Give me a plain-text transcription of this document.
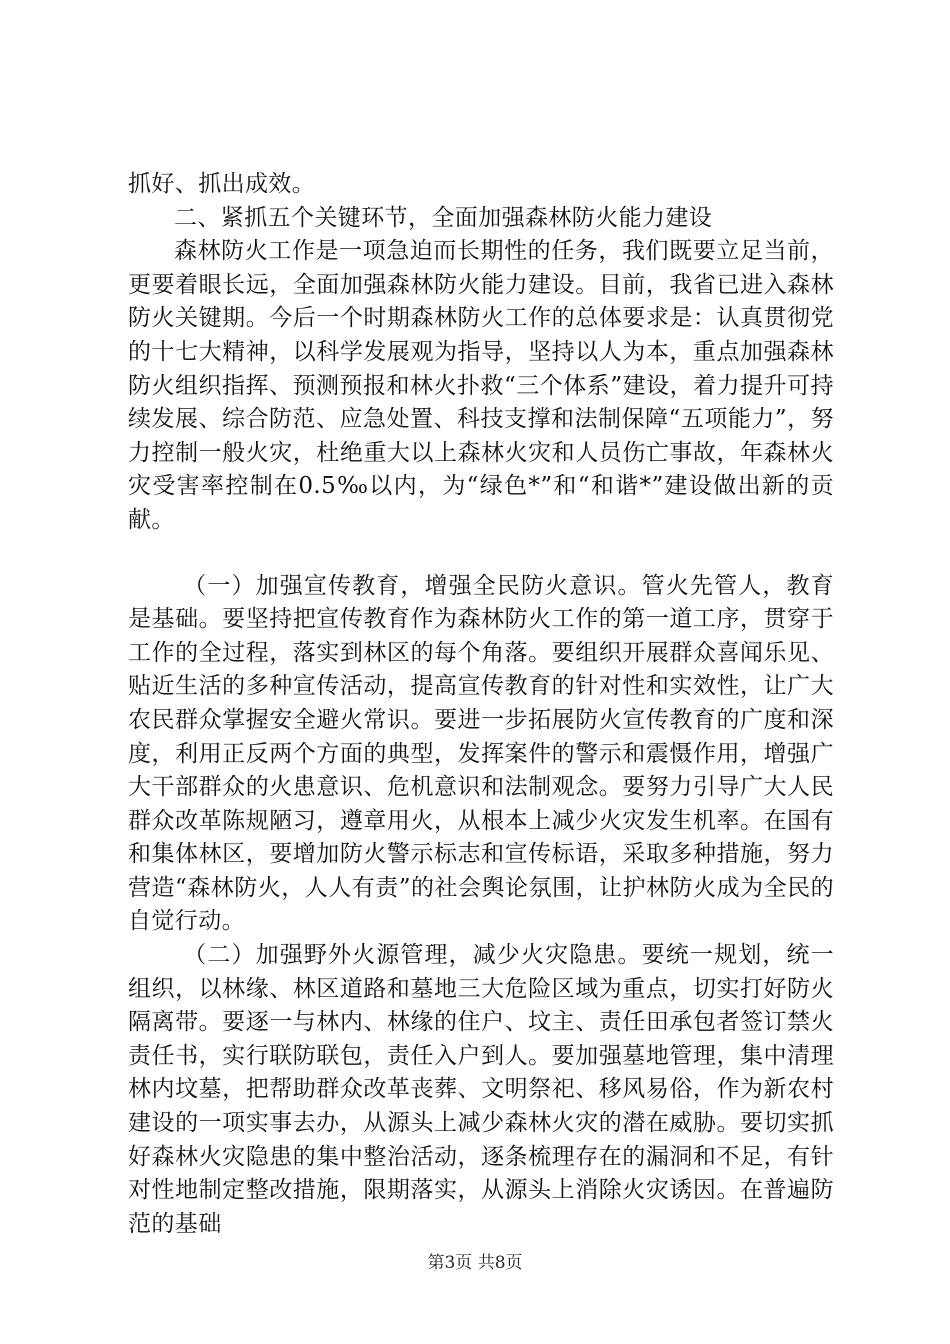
抓好、抓出成效。

二、紧抓五个关键环节，全面加强森林防火能力建设

森林防火工作是一项急迫而长期性的任务，我们既要立足当前，更要着眼长远，全面加强森林防火能力建设。目前，我省已进入森林防火关键期。今后一个时期森林防火工作的总体要求是：认真贯彻党的十七大精神，以科学发展观为指导，坚持以人为本，重点加强森林防火组织指挥、预测预报和林火扑救“三个体系”建设，着力提升可持续发展、综合防范、应急处置、科技支撑和法制保障“五项能力”，努力控制一般火灾，杜绝重大以上森林火灾和人员伤亡事故，年森林火灾受害率控制在0.5‰以内，为“绿色*”和“和谐*”建设做出新的贡献。

（一）加强宣传教育，增强全民防火意识。管火先管人，教育是基础。要坚持把宣传教育作为森林防火工作的第一道工序，贯穿于工作的全过程，落实到林区的每个角落。要组织开展群众喜闻乐见、贴近生活的多种宣传活动，提高宣传教育的针对性和实效性，让广大农民群众掌握安全避火常识。要进一步拓展防火宣传教育的广度和深度，利用正反两个方面的典型，发挥案件的警示和震慑作用，增强广大干部群众的火患意识、危机意识和法制观念。要努力引导广大人民群众改革陈规陋习，遵章用火，从根本上减少火灾发生机率。在国有和集体林区，要增加防火警示标志和宣传标语，采取多种措施，努力营造“森林防火，人人有责”的社会舆论氛围，让护林防火成为全民的自觉行动。

（二）加强野外火源管理，减少火灾隐患。要统一规划，统一组织，以林缘、林区道路和墓地三大危险区域为重点，切实打好防火隔离带。要逐一与林内、林缘的住户、坟主、责任田承包者签订禁火责任书，实行联防联包，责任入户到人。要加强墓地管理，集中清理林内坟墓，把帮助群众改革丧葬、文明祭祀、移风易俗，作为新农村建设的一项实事去办，从源头上减少森林火灾的潜在威胁。要切实抓好森林火灾隐患的集中整治活动，逐条梳理存在的漏洞和不足，有针对性地制定整改措施，限期落实，从源头上消除火灾诱因。在普遍防范的基础

第3页 共8页
